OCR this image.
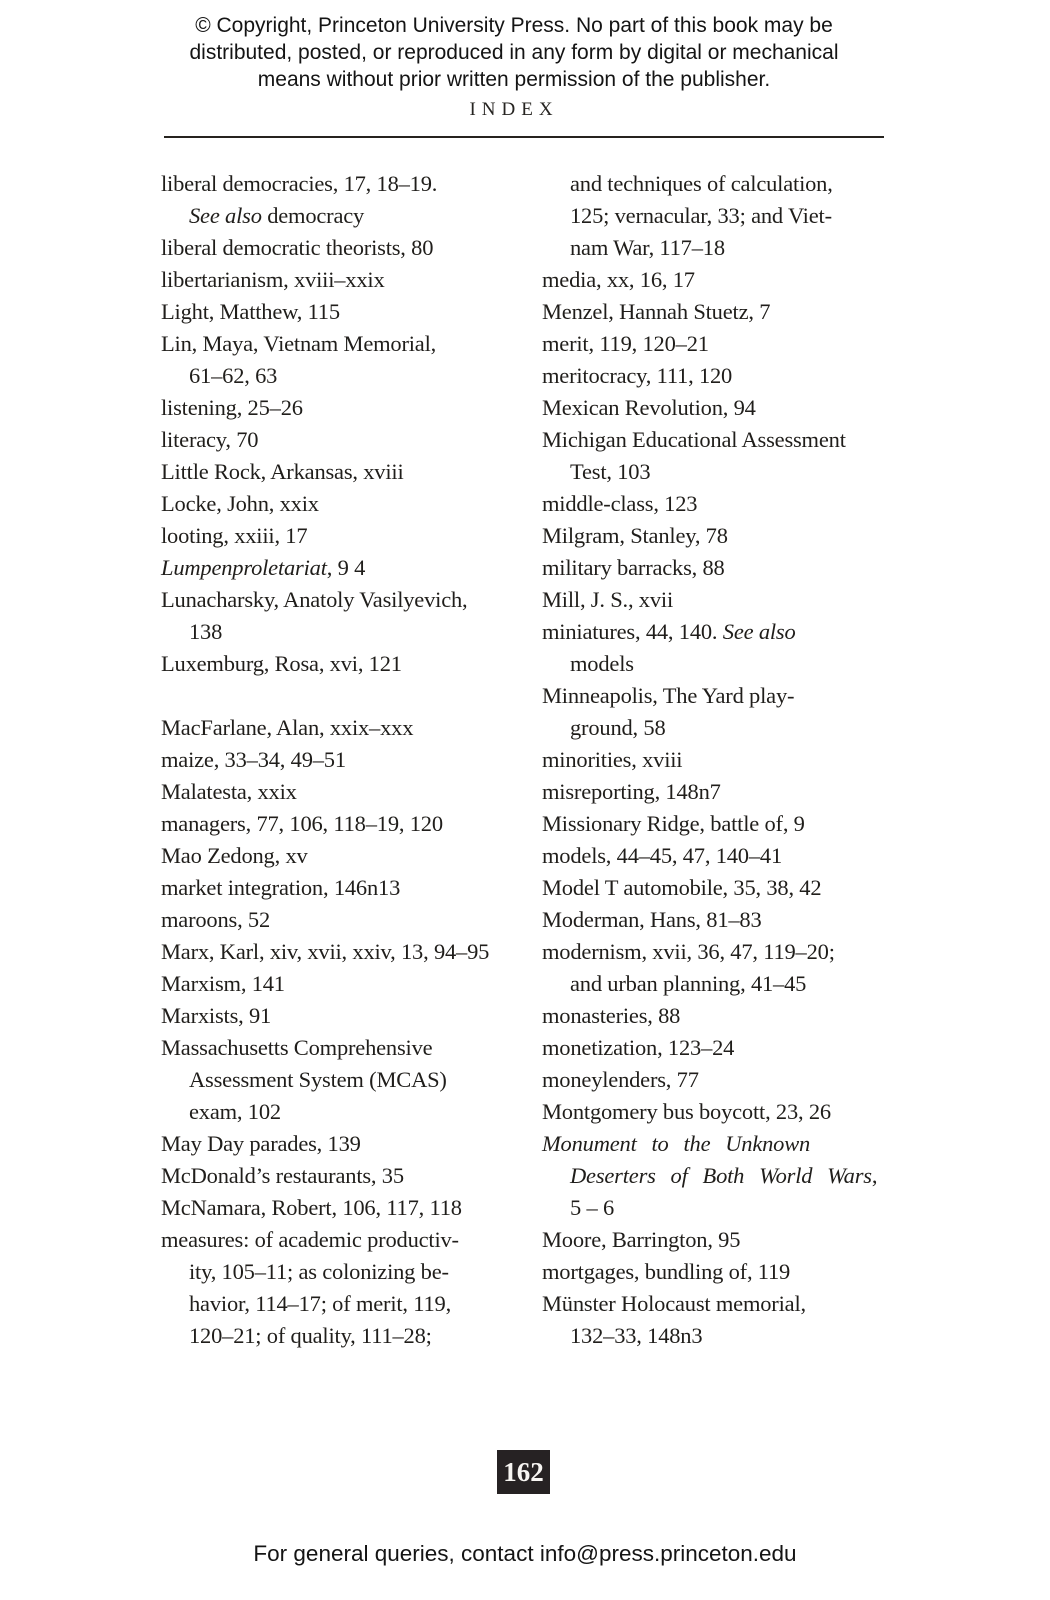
© Copyright, Princeton University Press. No part of this book may be
distributed, posted, or reproduced in any form by digital or mechanical
means without prior written permission of the publisher.
INDEX
liberal democracies, 17, 18–19.
See also democracy
liberal democratic theorists, 80
libertarianism, xviii–xxix
Light, Matthew, 115
Lin, Maya, Vietnam Memorial,
61–62, 63
listening, 25–26
literacy, 70
Little Rock, Arkansas, xviii
Locke, John, xxix
looting, xxiii, 17
Lumpenproletariat, 9 4
Lunacharsky, Anatoly Vasilyevich,
138
Luxemburg, Rosa, xvi, 121
MacFarlane, Alan, xxix–xxx
maize, 33–34, 49–51
Malatesta, xxix
managers, 77, 106, 118–19, 120
Mao Zedong, xv
market integration, 146n13
maroons, 52
Marx, Karl, xiv, xvii, xxiv, 13, 94–95
Marxism, 141
Marxists, 91
Massachusetts Comprehensive
Assessment System (MCAS)
exam, 102
May Day parades, 139
McDonald’s restaurants, 35
McNamara, Robert, 106, 117, 118
measures: of academic productiv-
ity, 105–11; as colonizing be-
havior, 114–17; of merit, 119,
120–21; of quality, 111–28;
and techniques of calculation,
125; vernacular, 33; and Viet-
nam War, 117–18
media, xx, 16, 17
Menzel, Hannah Stuetz, 7
merit, 119, 120–21
meritocracy, 111, 120
Mexican Revolution, 94
Michigan Educational Assessment
Test, 103
middle-class, 123
Milgram, Stanley, 78
military barracks, 88
Mill, J. S., xvii
miniatures, 44, 140. See also
models
Minneapolis, The Yard play-
ground, 58
minorities, xviii
misreporting, 148n7
Missionary Ridge, battle of, 9
models, 44–45, 47, 140–41
Model T automobile, 35, 38, 42
Moderman, Hans, 81–83
modernism, xvii, 36, 47, 119–20;
and urban planning, 41–45
monasteries, 88
monetization, 123–24
moneylenders, 77
Montgomery bus boycott, 23, 26
Monument to the Unknown
Deserters of Both World Wars,
5 – 6
Moore, Barrington, 95
mortgages, bundling of, 119
Münster Holocaust memorial,
132–33, 148n3
162
For general queries, contact info@press.princeton.edu
